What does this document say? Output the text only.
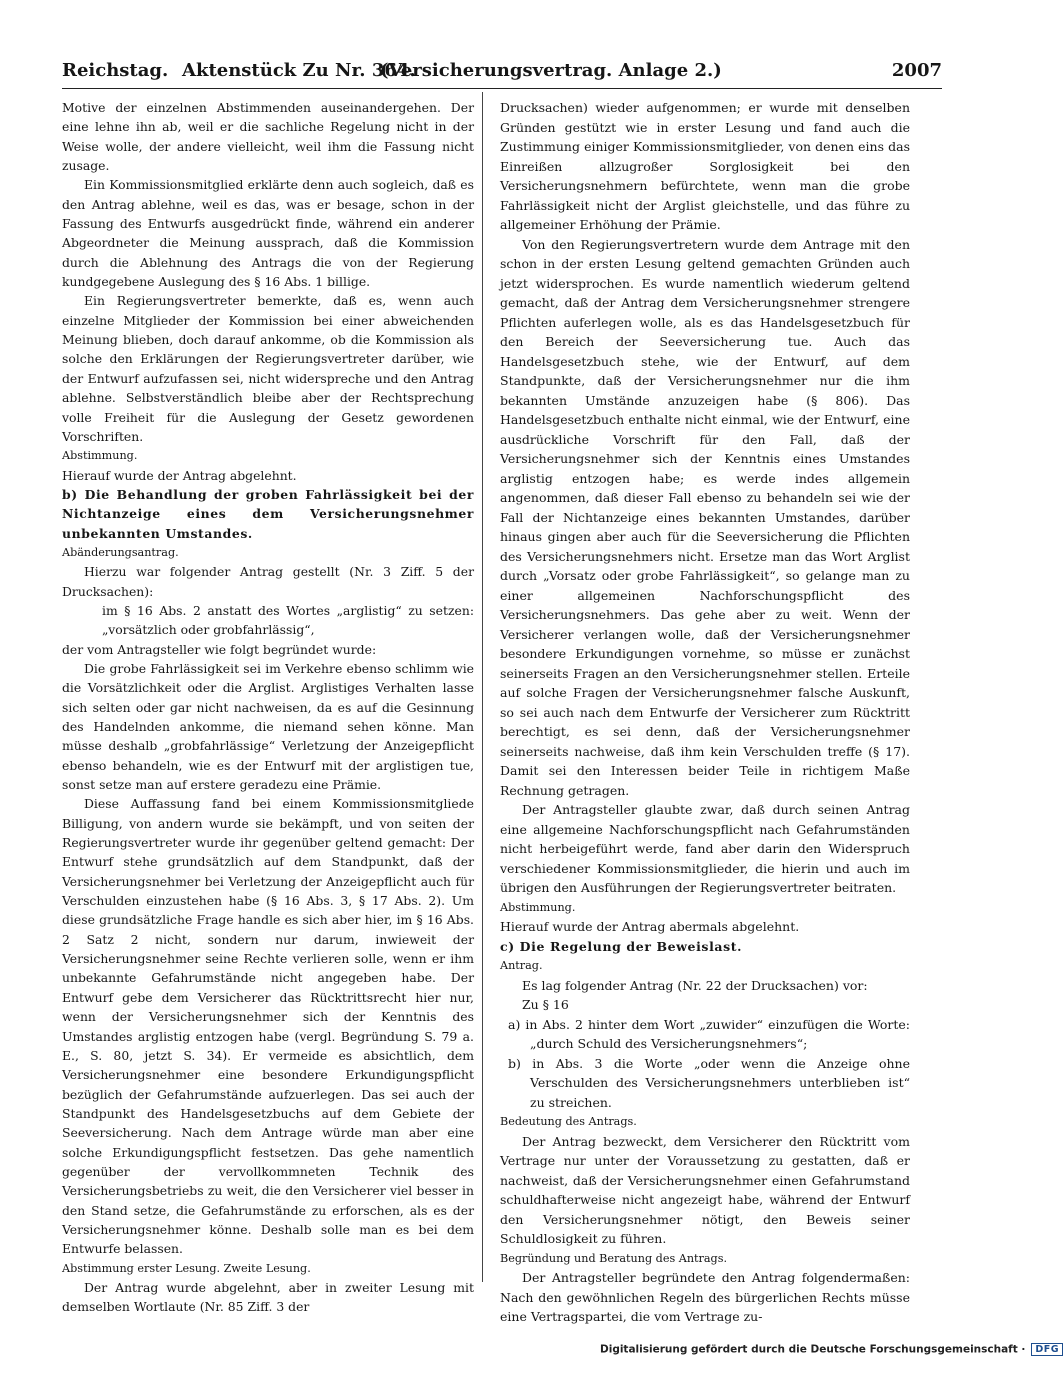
Reichstag. Aktenstück Zu Nr. 364.
(Versicherungsvertrag. Anlage 2.)	2007

Motive der einzelnen Abstimmenden auseinandergehen. Der eine lehne ihn ab, weil er die sachliche Regelung nicht in der Weise wolle, der andere vielleicht, weil ihm die Fassung nicht zusage.

Ein Kommissionsmitglied erklärte denn auch sogleich, daß es den Antrag ablehne, weil es das, was er besage, schon in der Fassung des Entwurfs ausgedrückt finde, während ein anderer Abgeordneter die Meinung aussprach, daß die Kommission durch die Ablehnung des Antrags die von der Regierung kundgegebene Auslegung des § 16 Abs. 1 billige.

Ein Regierungsvertreter bemerkte, daß es, wenn auch einzelne Mitglieder der Kommission bei einer abweichenden Meinung blieben, doch darauf ankomme, ob die Kommission als solche den Erklärungen der Regierungsvertreter darüber, wie der Entwurf aufzufassen sei, nicht widerspreche und den Antrag ablehne. Selbstverständlich bleibe aber der Rechtsprechung volle Freiheit für die Auslegung der Gesetz gewordenen Vorschriften.

Abstimmung.

Hierauf wurde der Antrag abgelehnt.

b) Die Behandlung der groben Fahrlässigkeit bei der Nichtanzeige eines dem Versicherungsnehmer unbekannten Umstandes.

Abänderungsantrag.

Hierzu war folgender Antrag gestellt (Nr. 3 Ziff. 5 der Drucksachen):

im § 16 Abs. 2 anstatt des Wortes „arglistig“ zu setzen: „vorsätzlich oder grobfahrlässig“,

der vom Antragsteller wie folgt begründet wurde:

Die grobe Fahrlässigkeit sei im Verkehre ebenso schlimm wie die Vorsätzlichkeit oder die Arglist. Arglistiges Verhalten lasse sich selten oder gar nicht nachweisen, da es auf die Gesinnung des Handelnden ankomme, die niemand sehen könne. Man müsse deshalb „grobfahrlässige“ Verletzung der Anzeigepflicht ebenso behandeln, wie es der Entwurf mit der arglistigen tue, sonst setze man auf erstere geradezu eine Prämie.

Diese Auffassung fand bei einem Kommissionsmitgliede Billigung, von andern wurde sie bekämpft, und von seiten der Regierungsvertreter wurde ihr gegenüber geltend gemacht: Der Entwurf stehe grundsätzlich auf dem Standpunkt, daß der Versicherungsnehmer bei Verletzung der Anzeigepflicht auch für Verschulden einzustehen habe (§ 16 Abs. 3, § 17 Abs. 2). Um diese grundsätzliche Frage handle es sich aber hier, im § 16 Abs. 2 Satz 2 nicht, sondern nur darum, inwieweit der Versicherungsnehmer seine Rechte verlieren solle, wenn er ihm unbekannte Gefahrumstände nicht angegeben habe. Der Entwurf gebe dem Versicherer das Rücktrittsrecht hier nur, wenn der Versicherungsnehmer sich der Kenntnis des Umstandes arglistig entzogen habe (vergl. Begründung S. 79 a. E., S. 80, jetzt S. 34). Er vermeide es absichtlich, dem Versicherungsnehmer eine besondere Erkundigungspflicht bezüglich der Gefahrumstände aufzuerlegen. Das sei auch der Standpunkt des Handelsgesetzbuchs auf dem Gebiete der Seeversicherung. Nach dem Antrage würde man aber eine solche Erkundigungspflicht festsetzen. Das gehe namentlich gegenüber der vervollkommneten Technik des Versicherungsbetriebs zu weit, die den Versicherer viel besser in den Stand setze, die Gefahrumstände zu erforschen, als es der Versicherungsnehmer könne. Deshalb solle man es bei dem Entwurfe belassen.

Abstimmung erster Lesung. Zweite Lesung.

Der Antrag wurde abgelehnt, aber in zweiter Lesung mit demselben Wortlaute (Nr. 85 Ziff. 3 der

Drucksachen) wieder aufgenommen; er wurde mit denselben Gründen gestützt wie in erster Lesung und fand auch die Zustimmung einiger Kommissionsmitglieder, von denen eins das Einreißen allzugroßer Sorglosigkeit bei den Versicherungsnehmern befürchtete, wenn man die grobe Fahrlässigkeit nicht der Arglist gleichstelle, und das führe zu allgemeiner Erhöhung der Prämie.

Von den Regierungsvertretern wurde dem Antrage mit den schon in der ersten Lesung geltend gemachten Gründen auch jetzt widersprochen. Es wurde namentlich wiederum geltend gemacht, daß der Antrag dem Versicherungsnehmer strengere Pflichten auferlegen wolle, als es das Handelsgesetzbuch für den Bereich der Seeversicherung tue. Auch das Handelsgesetzbuch stehe, wie der Entwurf, auf dem Standpunkte, daß der Versicherungsnehmer nur die ihm bekannten Umstände anzuzeigen habe (§ 806). Das Handelsgesetzbuch enthalte nicht einmal, wie der Entwurf, eine ausdrückliche Vorschrift für den Fall, daß der Versicherungsnehmer sich der Kenntnis eines Umstandes arglistig entzogen habe; es werde indes allgemein angenommen, daß dieser Fall ebenso zu behandeln sei wie der Fall der Nichtanzeige eines bekannten Umstandes, darüber hinaus gingen aber auch für die Seeversicherung die Pflichten des Versicherungsnehmers nicht. Ersetze man das Wort Arglist durch „Vorsatz oder grobe Fahrlässigkeit“, so gelange man zu einer allgemeinen Nachforschungspflicht des Versicherungsnehmers. Das gehe aber zu weit. Wenn der Versicherer verlangen wolle, daß der Versicherungsnehmer besondere Erkundigungen vornehme, so müsse er zunächst seinerseits Fragen an den Versicherungsnehmer stellen. Erteile auf solche Fragen der Versicherungsnehmer falsche Auskunft, so sei auch nach dem Entwurfe der Versicherer zum Rücktritt berechtigt, es sei denn, daß der Versicherungsnehmer seinerseits nachweise, daß ihm kein Verschulden treffe (§ 17). Damit sei den Interessen beider Teile in richtigem Maße Rechnung getragen.

Der Antragsteller glaubte zwar, daß durch seinen Antrag eine allgemeine Nachforschungspflicht nach Gefahrumständen nicht herbeigeführt werde, fand aber darin den Widerspruch verschiedener Kommissionsmitglieder, die hierin und auch im übrigen den Ausführungen der Regierungsvertreter beitraten.

Abstimmung.

Hierauf wurde der Antrag abermals abgelehnt.

c) Die Regelung der Beweislast.

Antrag.

Es lag folgender Antrag (Nr. 22 der Drucksachen) vor:

Zu § 16

a) in Abs. 2 hinter dem Wort „zuwider“ einzufügen die Worte: „durch Schuld des Versicherungsnehmers“;

b) in Abs. 3 die Worte „oder wenn die Anzeige ohne Verschulden des Versicherungsnehmers unterblieben ist“ zu streichen.

Bedeutung des Antrags.

Der Antrag bezweckt, dem Versicherer den Rücktritt vom Vertrage nur unter der Voraussetzung zu gestatten, daß er nachweist, daß der Versicherungsnehmer einen Gefahrumstand schuldhafterweise nicht angezeigt habe, während der Entwurf den Versicherungsnehmer nötigt, den Beweis seiner Schuldlosigkeit zu führen.

Begründung und Beratung des Antrags.

Der Antragsteller begründete den Antrag folgendermaßen: Nach den gewöhnlichen Regeln des bürgerlichen Rechts müsse eine Vertragspartei, die vom Vertrage zu-

Digitalisierung gefördert durch die Deutsche Forschungsgemeinschaft · DFG
